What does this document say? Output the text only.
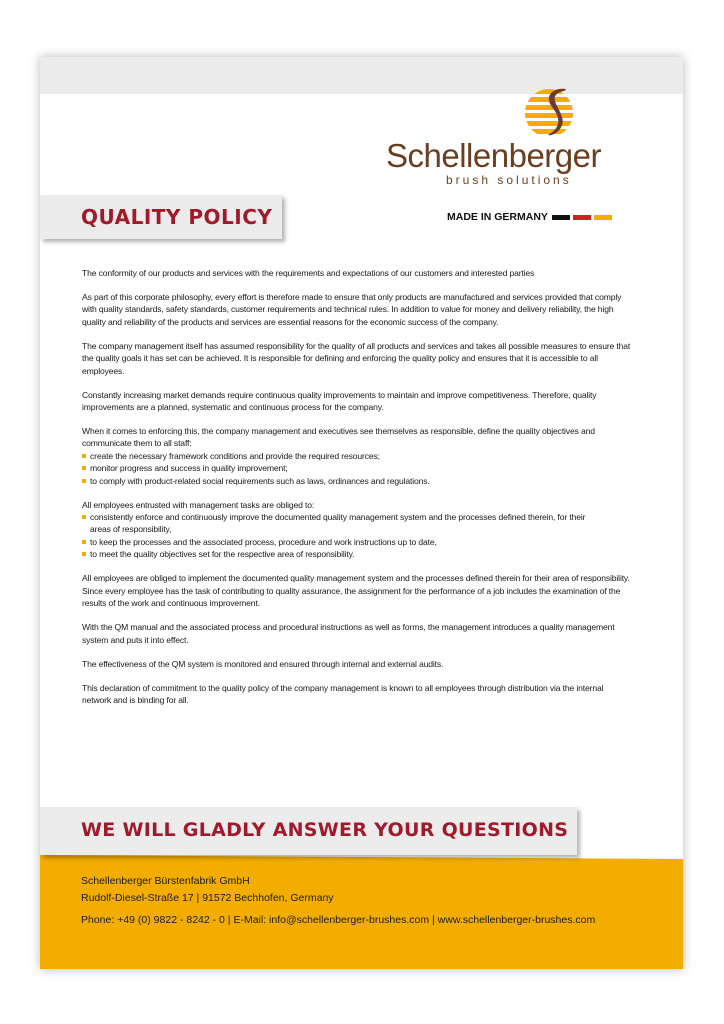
Schellenberger
brush solutions
QUALITY POLICY	MADE IN GERMANY

The conformity of our products and services with the requirements and expectations of our customers and interested parties

As part of this corporate philosophy, every effort is therefore made to ensure that only products are manufactured and services provided that comply with quality standards, safety standards, customer requirements and technical rules. In addition to value for money and delivery reliability, the high quality and reliability of the products and services are essential reasons for the economic success of the company.

The company management itself has assumed responsibility for the quality of all products and services and takes all possible measures to ensure that the quality goals it has set can be achieved. It is responsible for defining and enforcing the quality policy and ensures that it is accessible to all employees.

Constantly increasing market demands require continuous quality improvements to maintain and improve competitiveness. Therefore, quality improvements are a planned, systematic and continuous process for the company.

When it comes to enforcing this, the company management and executives see themselves as responsible, define the quality objectives and communicate them to all staff:

create the necessary framework conditions and provide the required resources;
monitor progress and success in quality improvement;
to comply with product-related social requirements such as laws, ordinances and regulations.

All employees entrusted with management tasks are obliged to:

consistently enforce and continuously improve the documented quality management system and the processes defined therein, for their areas of responsibility,
to keep the processes and the associated process, procedure and work instructions up to date,
to meet the quality objectives set for the respective area of responsibility.

All employees are obliged to implement the documented quality management system and the processes defined therein for their area of responsibility. Since every employee has the task of contributing to quality assurance, the assignment for the performance of a job includes the examination of the results of the work and continuous improvement.

With the QM manual and the associated process and procedural instructions as well as forms, the management introduces a quality management system and puts it into effect.

The effectiveness of the QM system is monitored and ensured through internal and external audits.

This declaration of commitment to the quality policy of the company management is known to all employees through distribution via the internal network and is binding for all.

WE WILL GLADLY ANSWER YOUR QUESTIONS
Schellenberger Bürstenfabrik GmbH
Rudolf-Diesel-Straße 17 | 91572 Bechhofen, Germany
Phone: +49 (0) 9822 - 8242 - 0 | E-Mail: info@schellenberger-brushes.com | www.schellenberger-brushes.com
